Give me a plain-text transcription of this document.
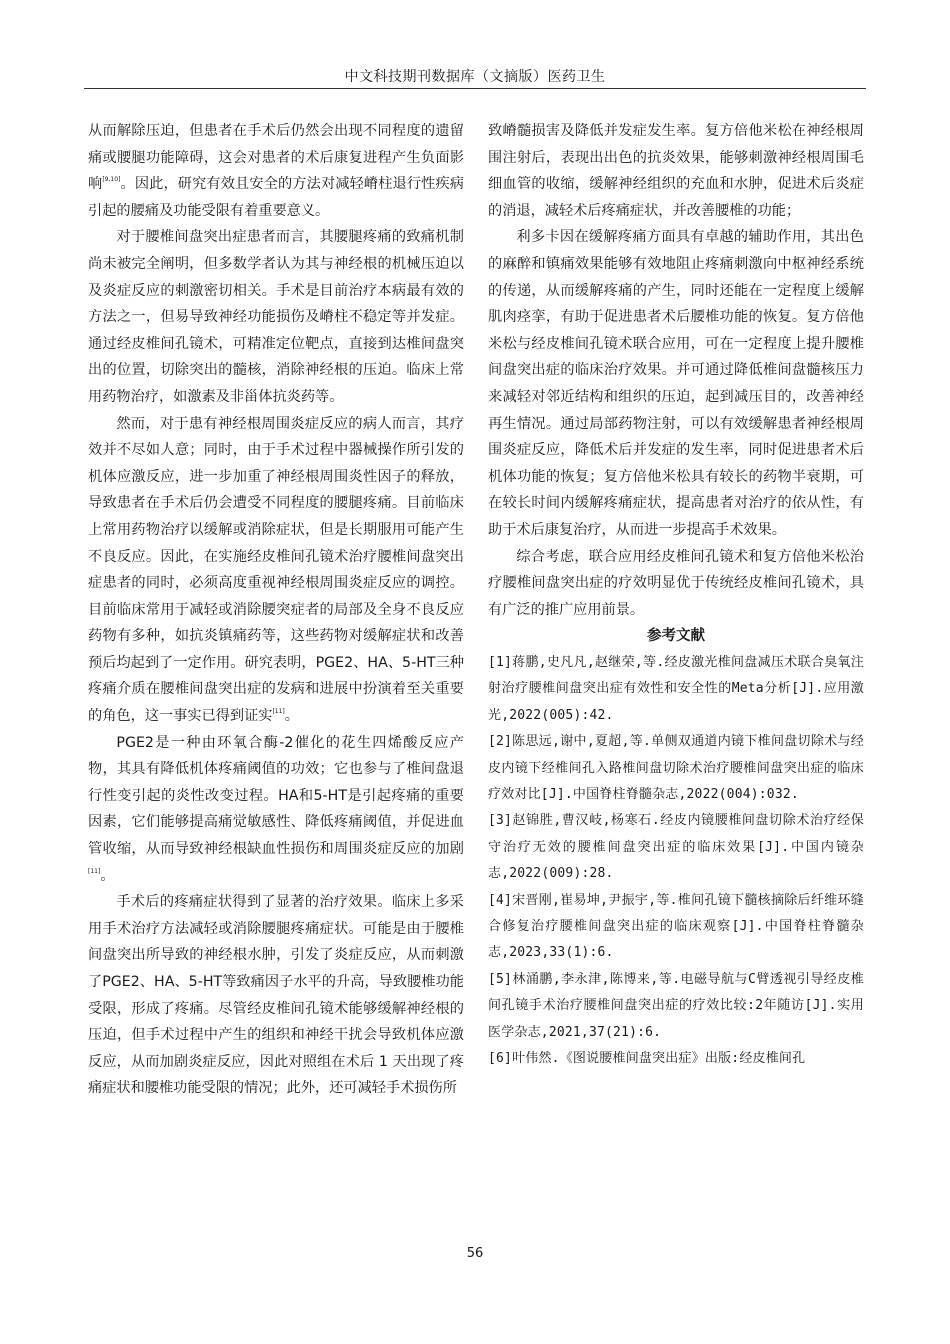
中文科技期刊数据库（文摘版）医药卫生

从而解除压迫，但患者在手术后仍然会出现不同程度的遗留痛或腰腿功能障碍，这会对患者的术后康复进程产生负面影响[9,10]。因此，研究有效且安全的方法对减轻嵴柱退行性疾病引起的腰痛及功能受限有着重要意义。

对于腰椎间盘突出症患者而言，其腰腿疼痛的致痛机制尚未被完全阐明，但多数学者认为其与神经根的机械压迫以及炎症反应的刺激密切相关。手术是目前治疗本病最有效的方法之一，但易导致神经功能损伤及嵴柱不稳定等并发症。通过经皮椎间孔镜术，可精准定位靶点，直接到达椎间盘突出的位置，切除突出的髓核，消除神经根的压迫。临床上常用药物治疗，如激素及非甾体抗炎药等。

然而，对于患有神经根周围炎症反应的病人而言，其疗效并不尽如人意；同时，由于手术过程中器械操作所引发的机体应激反应，进一步加重了神经根周围炎性因子的释放，导致患者在手术后仍会遭受不同程度的腰腿疼痛。目前临床上常用药物治疗以缓解或消除症状，但是长期服用可能产生不良反应。因此，在实施经皮椎间孔镜术治疗腰椎间盘突出症患者的同时，必须高度重视神经根周围炎症反应的调控。目前临床常用于减轻或消除腰突症者的局部及全身不良反应药物有多种，如抗炎镇痛药等，这些药物对缓解症状和改善预后均起到了一定作用。研究表明，PGE2、HA、5-HT三种疼痛介质在腰椎间盘突出症的发病和进展中扮演着至关重要的角色，这一事实已得到证实[11]。

PGE2是一种由环氧合酶-2催化的花生四烯酸反应产物，其具有降低机体疼痛阈值的功效；它也参与了椎间盘退行性变引起的炎性改变过程。HA和5-HT是引起疼痛的重要因素，它们能够提高痛觉敏感性、降低疼痛阈值，并促进血管收缩，从而导致神经根缺血性损伤和周围炎症反应的加剧[11]。

手术后的疼痛症状得到了显著的治疗效果。临床上多采用手术治疗方法减轻或消除腰腿疼痛症状。可能是由于腰椎间盘突出所导致的神经根水肿，引发了炎症反应，从而刺激了PGE2、HA、5-HT等致痛因子水平的升高，导致腰椎功能受限，形成了疼痛。尽管经皮椎间孔镜术能够缓解神经根的压迫，但手术过程中产生的组织和神经干扰会导致机体应激反应，从而加剧炎症反应，因此对照组在术后 1 天出现了疼痛症状和腰椎功能受限的情况；此外，还可减轻手术损伤所

致嵴髓损害及降低并发症发生率。复方倍他米松在神经根周围注射后，表现出出色的抗炎效果，能够刺激神经根周围毛细血管的收缩，缓解神经组织的充血和水肿，促进术后炎症的消退，减轻术后疼痛症状，并改善腰椎的功能；

利多卡因在缓解疼痛方面具有卓越的辅助作用，其出色的麻醉和镇痛效果能够有效地阻止疼痛刺激向中枢神经系统的传递，从而缓解疼痛的产生，同时还能在一定程度上缓解肌肉痉挛，有助于促进患者术后腰椎功能的恢复。复方倍他米松与经皮椎间孔镜术联合应用，可在一定程度上提升腰椎间盘突出症的临床治疗效果。并可通过降低椎间盘髓核压力来减轻对邻近结构和组织的压迫，起到减压目的，改善神经再生情况。通过局部药物注射，可以有效缓解患者神经根周围炎症反应，降低术后并发症的发生率，同时促进患者术后机体功能的恢复；复方倍他米松具有较长的药物半衰期，可在较长时间内缓解疼痛症状，提高患者对治疗的依从性，有助于术后康复治疗，从而进一步提高手术效果。

综合考虑，联合应用经皮椎间孔镜术和复方倍他米松治疗腰椎间盘突出症的疗效明显优于传统经皮椎间孔镜术，具有广泛的推广应用前景。

参考文献

[1]蒋鹏,史凡凡,赵继荣,等.经皮激光椎间盘减压术联合臭氧注射治疗腰椎间盘突出症有效性和安全性的Meta分析[J].应用激光,2022(005):42.

[2]陈思远,谢中,夏超,等.单侧双通道内镜下椎间盘切除术与经皮内镜下经椎间孔入路椎间盘切除术治疗腰椎间盘突出症的临床疗效对比[J].中国脊柱脊髓杂志,2022(004):032.

[3]赵锦胜,曹汉岐,杨寒石.经皮内镜腰椎间盘切除术治疗经保守治疗无效的腰椎间盘突出症的临床效果[J].中国内镜杂志,2022(009):28.

[4]宋晋刚,崔易坤,尹振宇,等.椎间孔镜下髓核摘除后纤维环缝合修复治疗腰椎间盘突出症的临床观察[J].中国脊柱脊髓杂志,2023,33(1):6.

[5]林涌鹏,李永津,陈博来,等.电磁导航与C臂透视引导经皮椎间孔镜手术治疗腰椎间盘突出症的疗效比较:2年随访[J].实用医学杂志,2021,37(21):6.

[6]叶伟然.《图说腰椎间盘突出症》出版:经皮椎间孔

56
